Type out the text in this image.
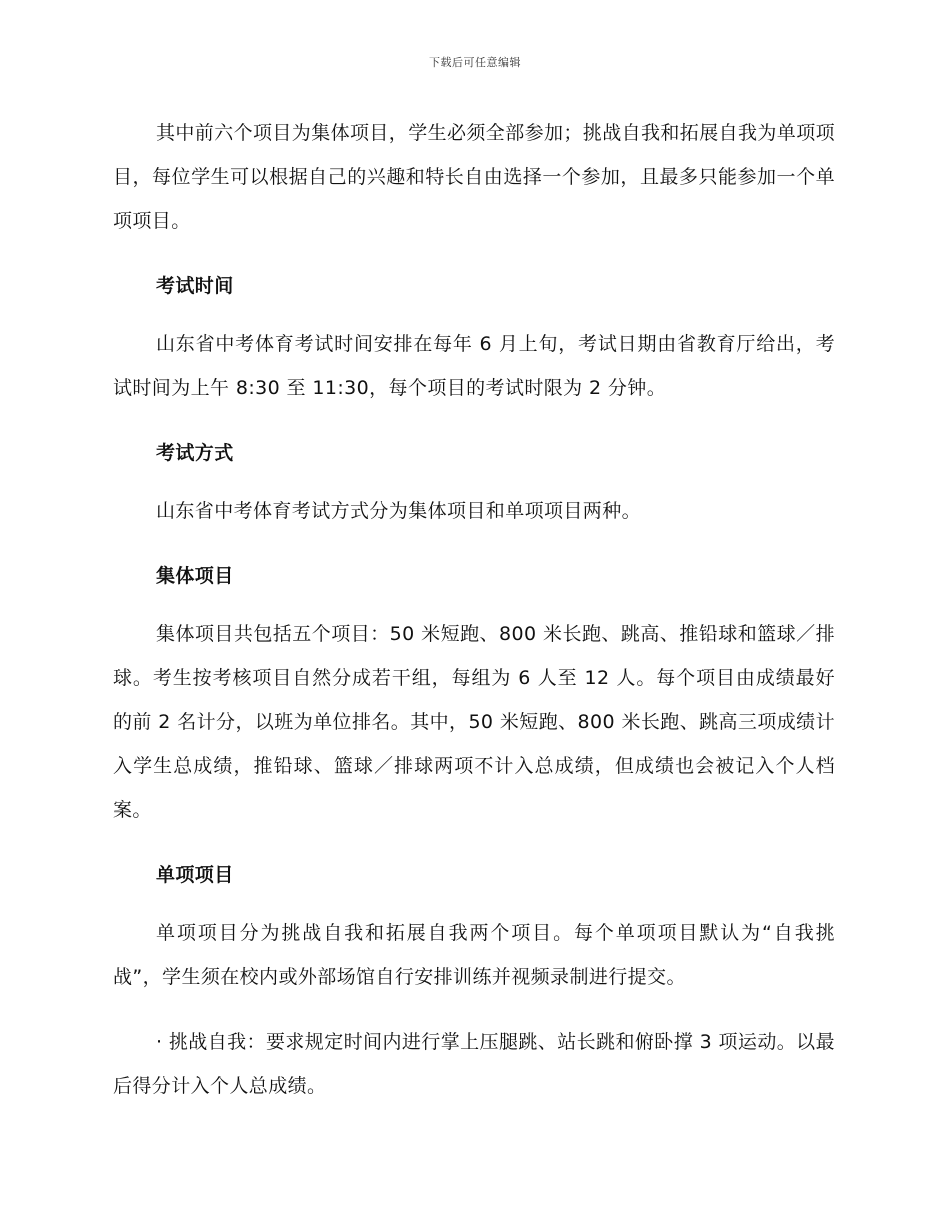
下载后可任意编辑

其中前六个项目为集体项目，学生必须全部参加；挑战自我和拓展自我为单项项目，每位学生可以根据自己的兴趣和特长自由选择一个参加，且最多只能参加一个单项项目。

考试时间

山东省中考体育考试时间安排在每年 6 月上旬，考试日期由省教育厅给出，考试时间为上午 8:30 至 11:30，每个项目的考试时限为 2 分钟。

考试方式

山东省中考体育考试方式分为集体项目和单项项目两种。

集体项目

集体项目共包括五个项目：50 米短跑、800 米长跑、跳高、推铅球和篮球／排球。考生按考核项目自然分成若干组，每组为 6 人至 12 人。每个项目由成绩最好的前 2 名计分，以班为单位排名。其中，50 米短跑、800 米长跑、跳高三项成绩计入学生总成绩，推铅球、篮球／排球两项不计入总成绩，但成绩也会被记入个人档案。

单项项目

单项项目分为挑战自我和拓展自我两个项目。每个单项项目默认为“自我挑战”，学生须在校内或外部场馆自行安排训练并视频录制进行提交。

· 挑战自我：要求规定时间内进行掌上压腿跳、站长跳和俯卧撑 3 项运动。以最后得分计入个人总成绩。
